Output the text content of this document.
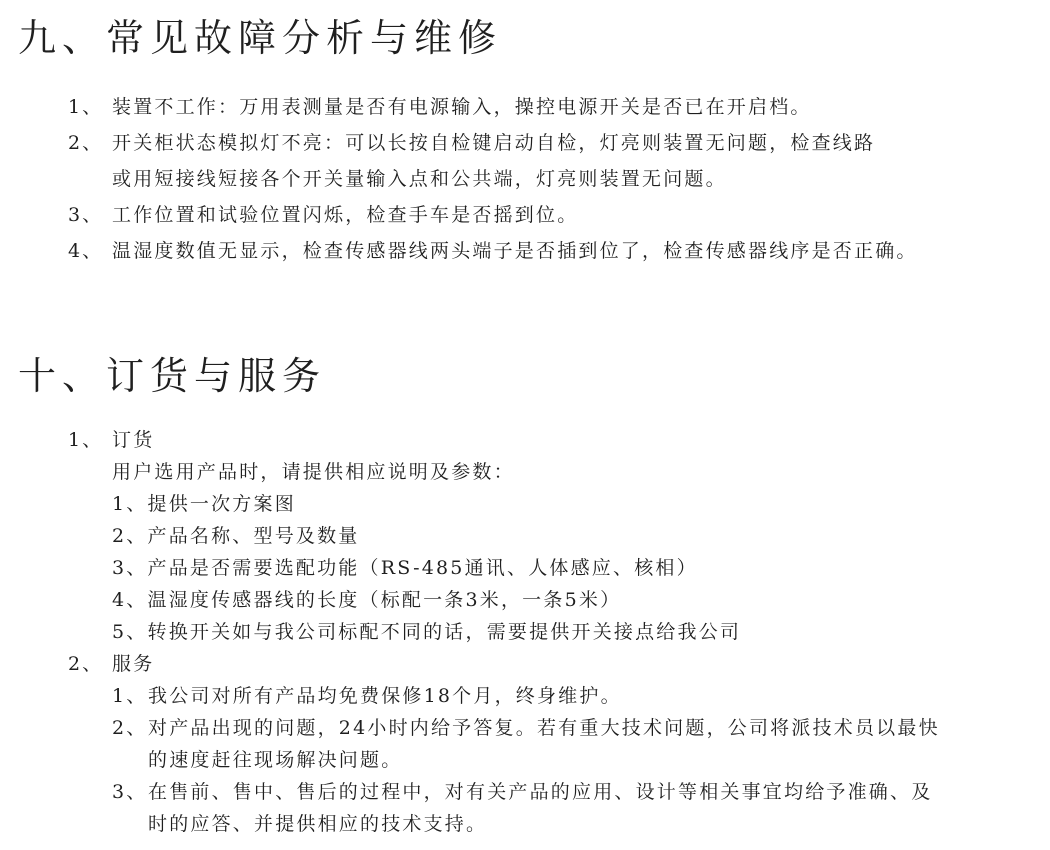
九、常见故障分析与维修
1、 装置不工作：万用表测量是否有电源输入，操控电源开关是否已在开启档。
2、 开关柜状态模拟灯不亮：可以长按自检键启动自检，灯亮则装置无问题，检查线路
或用短接线短接各个开关量输入点和公共端，灯亮则装置无问题。
3、 工作位置和试验位置闪烁，检查手车是否摇到位。
4、 温湿度数值无显示，检查传感器线两头端子是否插到位了，检查传感器线序是否正确。
十、订货与服务
1、 订货
用户选用产品时，请提供相应说明及参数：
1、提供一次方案图
2、产品名称、型号及数量
3、产品是否需要选配功能（RS-485通讯、人体感应、核相）
4、温湿度传感器线的长度（标配一条3米，一条5米）
5、转换开关如与我公司标配不同的话，需要提供开关接点给我公司
2、 服务
1、 我公司对所有产品均免费保修18个月，终身维护。
2、 对产品出现的问题，24小时内给予答复。若有重大技术问题，公司将派技术员以最快
的速度赶往现场解决问题。
3、 在售前、售中、售后的过程中，对有关产品的应用、设计等相关事宜均给予准确、及
时的应答、并提供相应的技术支持。
